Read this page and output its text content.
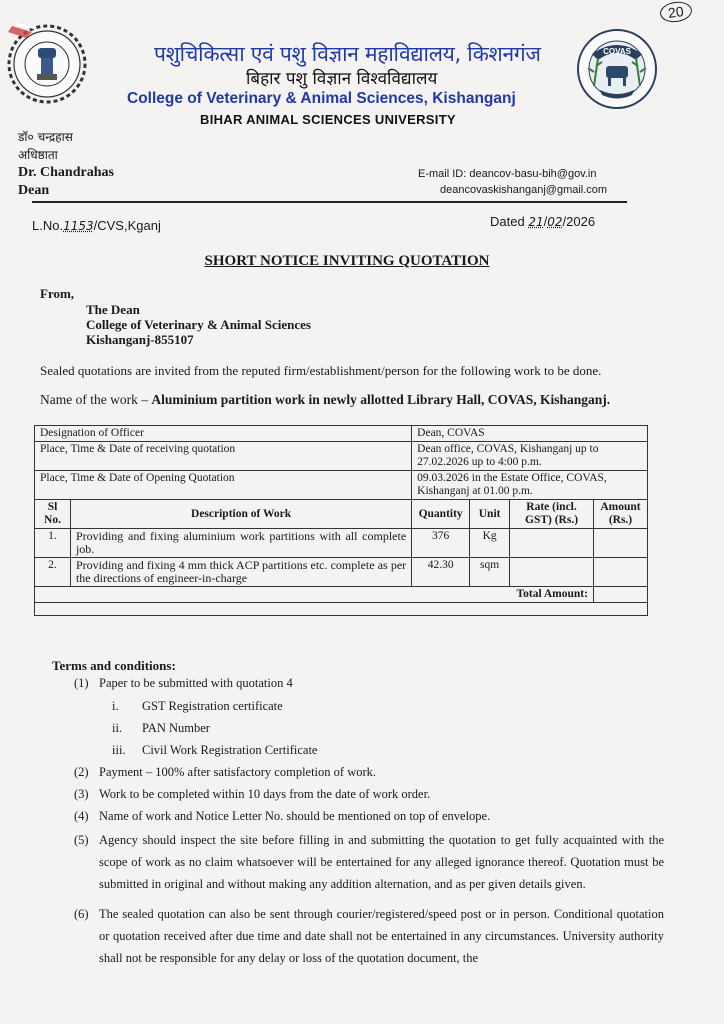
20
पशुचिकित्सा एवं पशु विज्ञान महाविद्यालय, किशनगंज
बिहार पशु विज्ञान विश्वविद्यालय
College of Veterinary & Animal Sciences, Kishanganj
BIHAR ANIMAL SCIENCES UNIVERSITY
COVAS
डॉ० चन्द्रहास
अधिष्ठाता
Dr. Chandrahas
Dean
E-mail ID: deancov-basu-bih@gov.in
deancovaskishanganj@gmail.com
L.No.1153/CVS,Kganj	Dated 21/02/2026
SHORT NOTICE INVITING QUOTATION
From,
The Dean
College of Veterinary & Animal Sciences
Kishanganj-855107
Sealed quotations are invited from the reputed firm/establishment/person for the following work to be done.
Name of the work – Aluminium partition work in newly allotted Library Hall, COVAS, Kishanganj.
Designation of Officer		Dean, COVAS			
Place, Time & Date of receiving quotation		Dean office, COVAS, Kishanganj up to 27.02.2026 up to 4:00 p.m.			
Place, Time & Date of Opening Quotation		09.03.2026 in the Estate Office, COVAS, Kishanganj at 01.00 p.m.			
Sl No.	Description of Work	Quantity	Unit	Rate (incl. GST) (Rs.)	Amount (Rs.)
1.	Providing and fixing aluminium work partitions with all complete job.	376	Kg		
2.	Providing and fixing 4 mm thick ACP partitions etc. complete as per the directions of engineer-in-charge	42.30	sqm		
Total Amount:					

Terms and conditions:
(1) Paper to be submitted with quotation 4
i. GST Registration certificate
ii. PAN Number
iii. Civil Work Registration Certificate
(2) Payment – 100% after satisfactory completion of work.
(3) Work to be completed within 10 days from the date of work order.
(4) Name of work and Notice Letter No. should be mentioned on top of envelope.
(5) Agency should inspect the site before filling in and submitting the quotation to get fully acquainted with the scope of work as no claim whatsoever will be entertained for any alleged ignorance thereof. Quotation must be submitted in original and without making any addition alternation, and as per given details given.
(6) The sealed quotation can also be sent through courier/registered/speed post or in person. Conditional quotation or quotation received after due time and date shall not be entertained in any circumstances. University authority shall not be responsible for any delay or loss of the quotation document, the
